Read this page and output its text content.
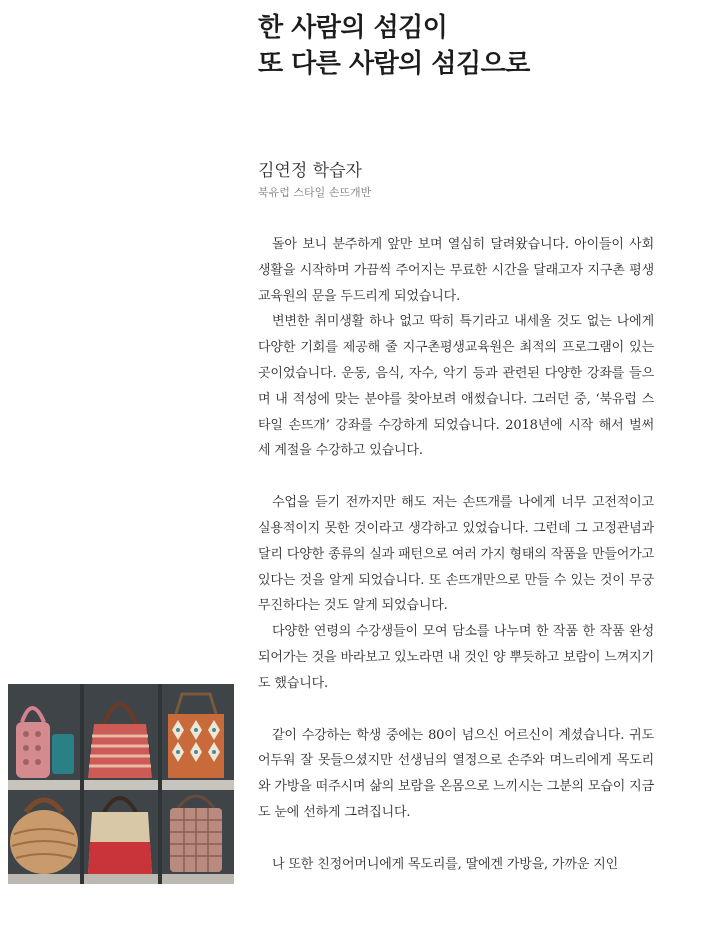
한 사람의 섬김이
또 다른 사람의 섬김으로
김연정 학습자
북유럽 스타일 손뜨개반

돌아 보니 분주하게 앞만 보며 열심히 달려왔습니다. 아이들이 사회생활을 시작하며 가끔씩 주어지는 무료한 시간을 달래고자 지구촌 평생 교육원의 문을 두드리게 되었습니다.

변변한 취미생활 하나 없고 딱히 특기라고 내세울 것도 없는 나에게 다양한 기회를 제공해 줄 지구촌평생교육원은 최적의 프로그램이 있는 곳이었습니다. 운동, 음식, 자수, 악기 등과 관련된 다양한 강좌를 들으며 내 적성에 맞는 분야를 찾아보려 애썼습니다. 그러던 중, ‘북유럽 스타일 손뜨개’ 강좌를 수강하게 되었습니다. 2018년에 시작 해서 벌써 세 계절을 수강하고 있습니다.

수업을 듣기 전까지만 해도 저는 손뜨개를 나에게 너무 고전적이고 실용적이지 못한 것이라고 생각하고 있었습니다. 그런데 그 고정관념과 달리 다양한 종류의 실과 패턴으로 여러 가지 형태의 작품을 만들어가고 있다는 것을 알게 되었습니다. 또 손뜨개만으로 만들 수 있는 것이 무궁무진하다는 것도 알게 되었습니다.

다양한 연령의 수강생들이 모여 담소를 나누며 한 작품 한 작품 완성되어가는 것을 바라보고 있노라면 내 것인 양 뿌듯하고 보람이 느껴지기도 했습니다.

같이 수강하는 학생 중에는 80이 넘으신 어르신이 계셨습니다. 귀도 어두워 잘 못들으셨지만 선생님의 열정으로 손주와 며느리에게 목도리와 가방을 떠주시며 삶의 보람을 온몸으로 느끼시는 그분의 모습이 지금도 눈에 선하게 그려집니다.

나 또한 친정어머니에게 목도리를, 딸에겐 가방을, 가까운 지인
